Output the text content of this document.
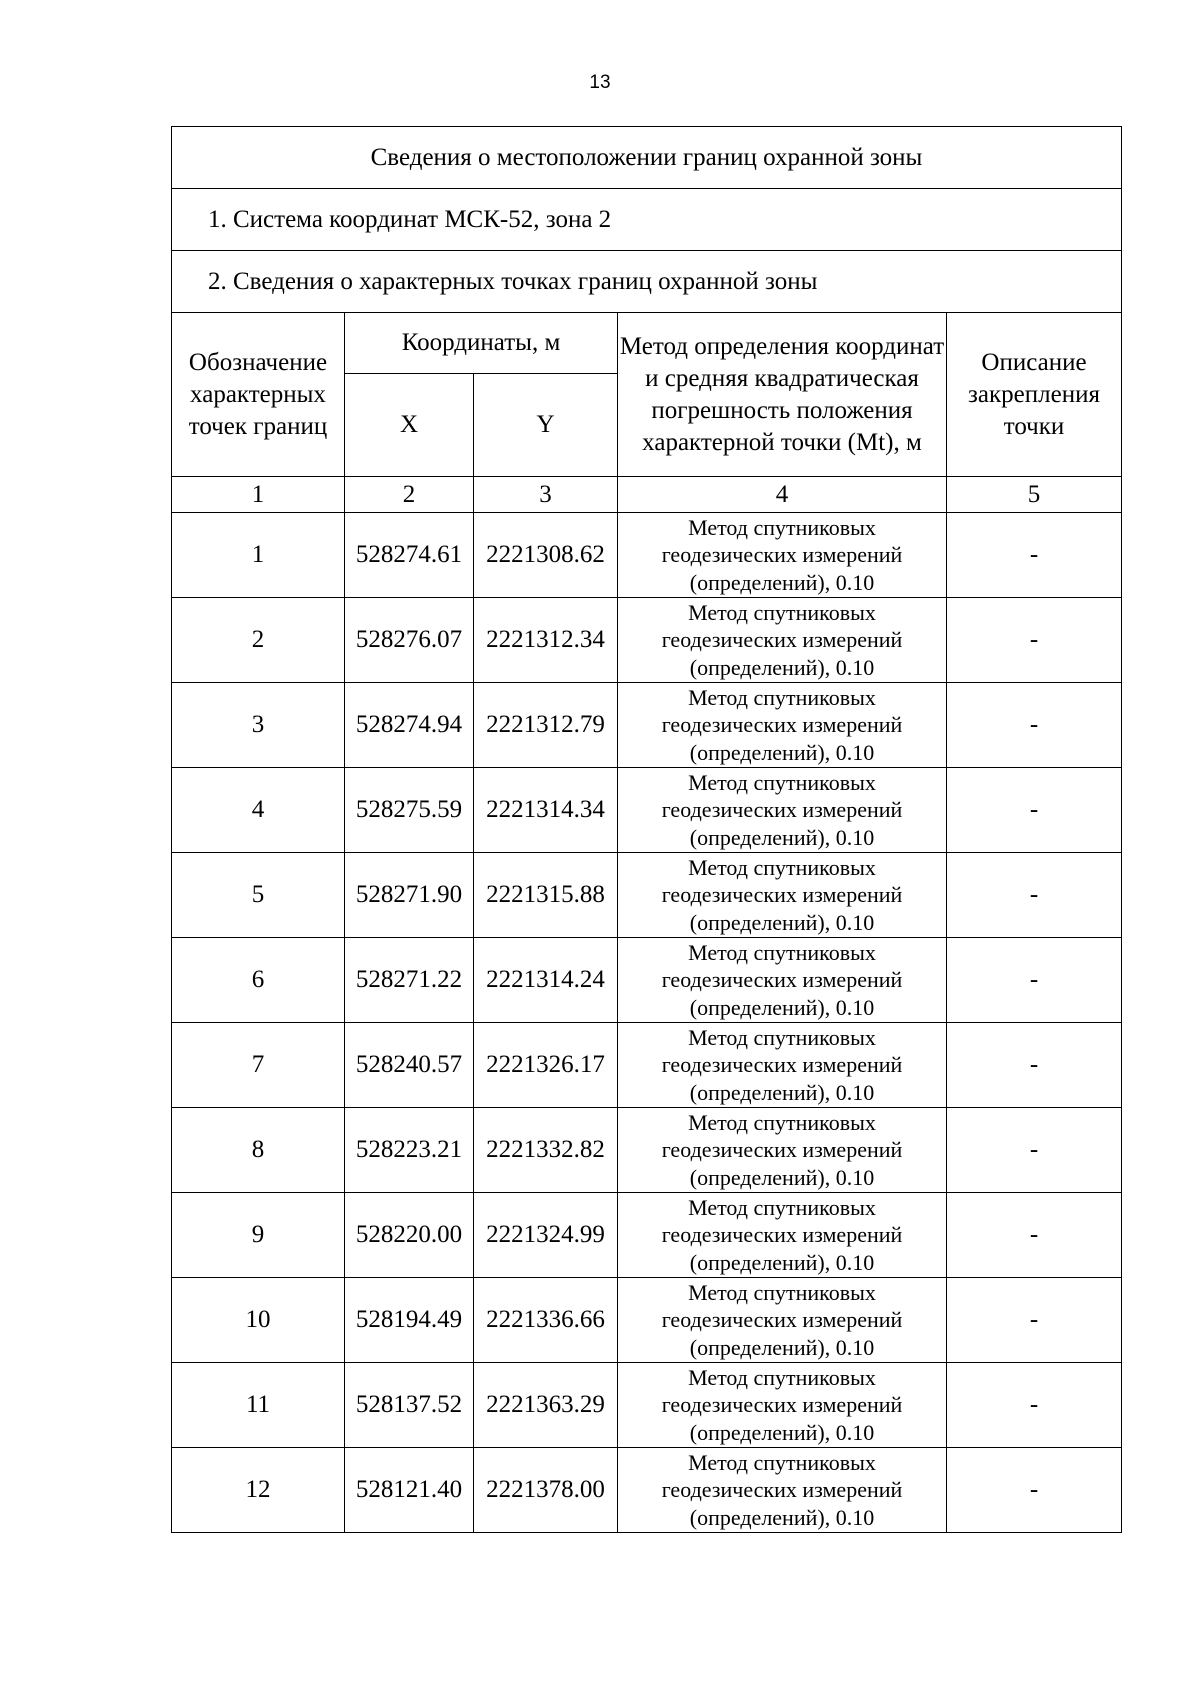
13
Сведения о местоположении границ охранной зоны				
1. Система координат МСК-52, зона 2				
2. Сведения о характерных точках границ охранной зоны				
Обозначение характерных точек границ	Координаты, м		Метод определения координат и средняя квадратическая погрешность положения характерной точки (Mt), м	Описание закрепления точки
	X	Y		
1	2	3	4	5
1	528274.61	2221308.62	Метод спутниковых геодезических измерений (определений), 0.10	-
2	528276.07	2221312.34	Метод спутниковых геодезических измерений (определений), 0.10	-
3	528274.94	2221312.79	Метод спутниковых геодезических измерений (определений), 0.10	-
4	528275.59	2221314.34	Метод спутниковых геодезических измерений (определений), 0.10	-
5	528271.90	2221315.88	Метод спутниковых геодезических измерений (определений), 0.10	-
6	528271.22	2221314.24	Метод спутниковых геодезических измерений (определений), 0.10	-
7	528240.57	2221326.17	Метод спутниковых геодезических измерений (определений), 0.10	-
8	528223.21	2221332.82	Метод спутниковых геодезических измерений (определений), 0.10	-
9	528220.00	2221324.99	Метод спутниковых геодезических измерений (определений), 0.10	-
10	528194.49	2221336.66	Метод спутниковых геодезических измерений (определений), 0.10	-
11	528137.52	2221363.29	Метод спутниковых геодезических измерений (определений), 0.10	-
12	528121.40	2221378.00	Метод спутниковых геодезических измерений (определений), 0.10	-
